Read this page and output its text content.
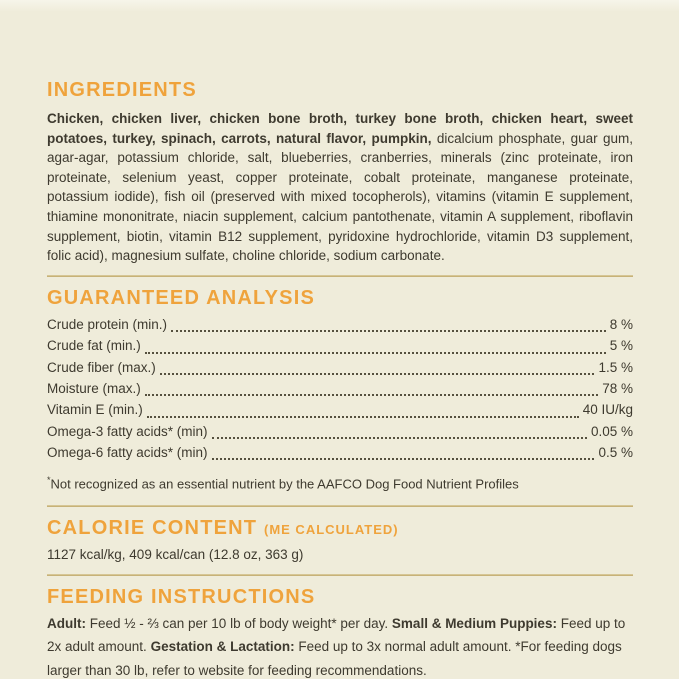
INGREDIENTS

Chicken, chicken liver, chicken bone broth, turkey bone broth, chicken heart, sweet potatoes, turkey, spinach, carrots, natural flavor, pumpkin, dicalcium phosphate, guar gum, agar-agar, potassium chloride, salt, blueberries, cranberries, minerals (zinc proteinate, iron proteinate, selenium yeast, copper proteinate, cobalt proteinate, manganese proteinate, potassium iodide), fish oil (preserved with mixed tocopherols), vitamins (vitamin E supplement, thiamine mononitrate, niacin supplement, calcium pantothenate, vitamin A supplement, riboflavin supplement, biotin, vitamin B12 supplement, pyridoxine hydrochloride, vitamin D3 supplement, folic acid), magnesium sulfate, choline chloride, sodium carbonate.

GUARANTEED ANALYSIS
Crude protein (min.)	8 %
Crude fat (min.)	5 %
Crude fiber (max.)	1.5 %
Moisture (max.)	78 %
Vitamin E (min.)	40 IU/kg
Omega-3 fatty acids* (min)	0.05 %
Omega-6 fatty acids* (min)	0.5 %

*Not recognized as an essential nutrient by the AAFCO Dog Food Nutrient Profiles

CALORIE CONTENT (ME CALCULATED)

1127 kcal/kg, 409 kcal/can (12.8 oz, 363 g)

FEEDING INSTRUCTIONS

Adult: Feed ½ - ⅔ can per 10 lb of body weight* per day. Small & Medium Puppies: Feed up to 2x adult amount. Gestation & Lactation: Feed up to 3x normal adult amount. *For feeding dogs larger than 30 lb, refer to website for feeding recommendations.
